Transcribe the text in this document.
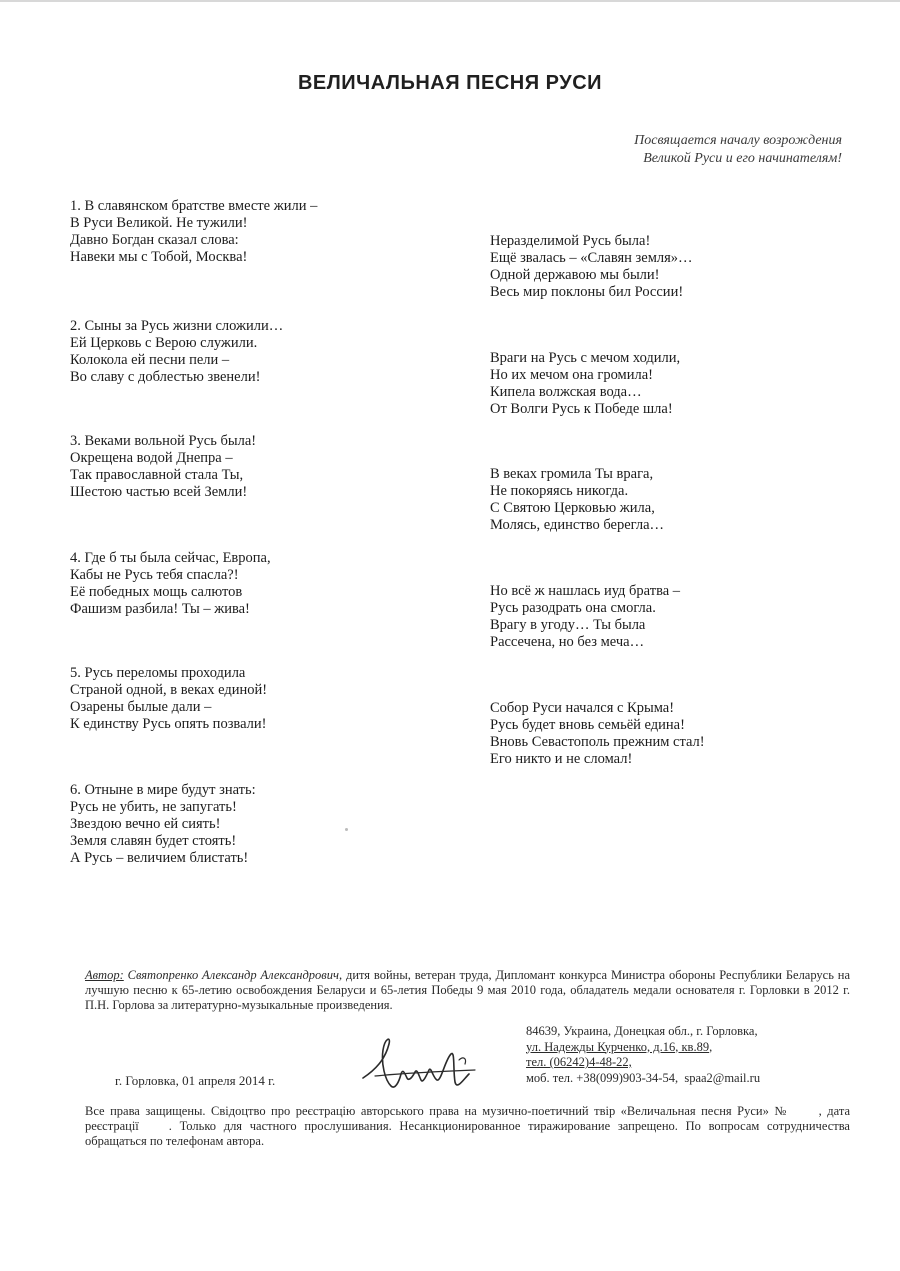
ВЕЛИЧАЛЬНАЯ ПЕСНЯ РУСИ
Посвящается началу возрождения
Великой Руси и его начинателям!
1. В славянском братстве вместе жили –
В Руси Великой. Не тужили!
Давно Богдан сказал слова:
Навеки мы с Тобой, Москва!
2. Сыны за Русь жизни сложили…
Ей Церковь с Верою служили.
Колокола ей песни пели –
Во славу с доблестью звенели!
3. Веками вольной Русь была!
Окрещена водой Днепра –
Так православной стала Ты,
Шестою частью всей Земли!
4. Где б ты была сейчас, Европа,
Кабы не Русь тебя спасла?!
Её победных мощь салютов
Фашизм разбила! Ты – жива!
5. Русь переломы проходила
Страной одной, в веках единой!
Озарены былые дали –
К единству Русь опять позвали!
6. Отныне в мире будут знать:
Русь не убить, не запугать!
Звездою вечно ей сиять!
Земля славян будет стоять!
А Русь – величием блистать!
Неразделимой Русь была!
Ещё звалась – «Славян земля»…
Одной державою мы были!
Весь мир поклоны бил России!
Враги на Русь с мечом ходили,
Но их мечом она громила!
Кипела волжская вода…
От Волги Русь к Победе шла!
В веках громила Ты врага,
Не покоряясь никогда.
С Святою Церковью жила,
Молясь, единство берегла…
Но всё ж нашлась иуд братва –
Русь разодрать она смогла.
Врагу в угоду… Ты была
Рассечена, но без меча…
Собор Руси начался с Крыма!
Русь будет вновь семьёй едина!
Вновь Севастополь прежним стал!
Его никто и не сломал!
Автор: Святопренко Александр Александрович, дитя войны, ветеран труда, Дипломант конкурса Министра обороны Республики Беларусь на лучшую песню к 65-летию освобождения Беларуси и 65-летия Победы 9 мая 2010 года, обладатель медали основателя г. Горловки в 2012 г. П.Н. Горлова за литературно-музыкальные произведения.
84639, Украина, Донецкая обл., г. Горловка,
ул. Надежды Курченко, д.16, кв.89,
тел. (06242)4-48-22,
моб. тел. +38(099)903-34-54, spaa2@mail.ru
г. Горловка, 01 апреля 2014 г.
Все права защищены. Свідоцтво про реєстрацію авторського права на музично-поетичний твір «Величальная песня Руси» № , дата реєстрації . Только для частного прослушивания. Несанкционированное тиражирование запрещено. По вопросам сотрудничества обращаться по телефонам автора.
